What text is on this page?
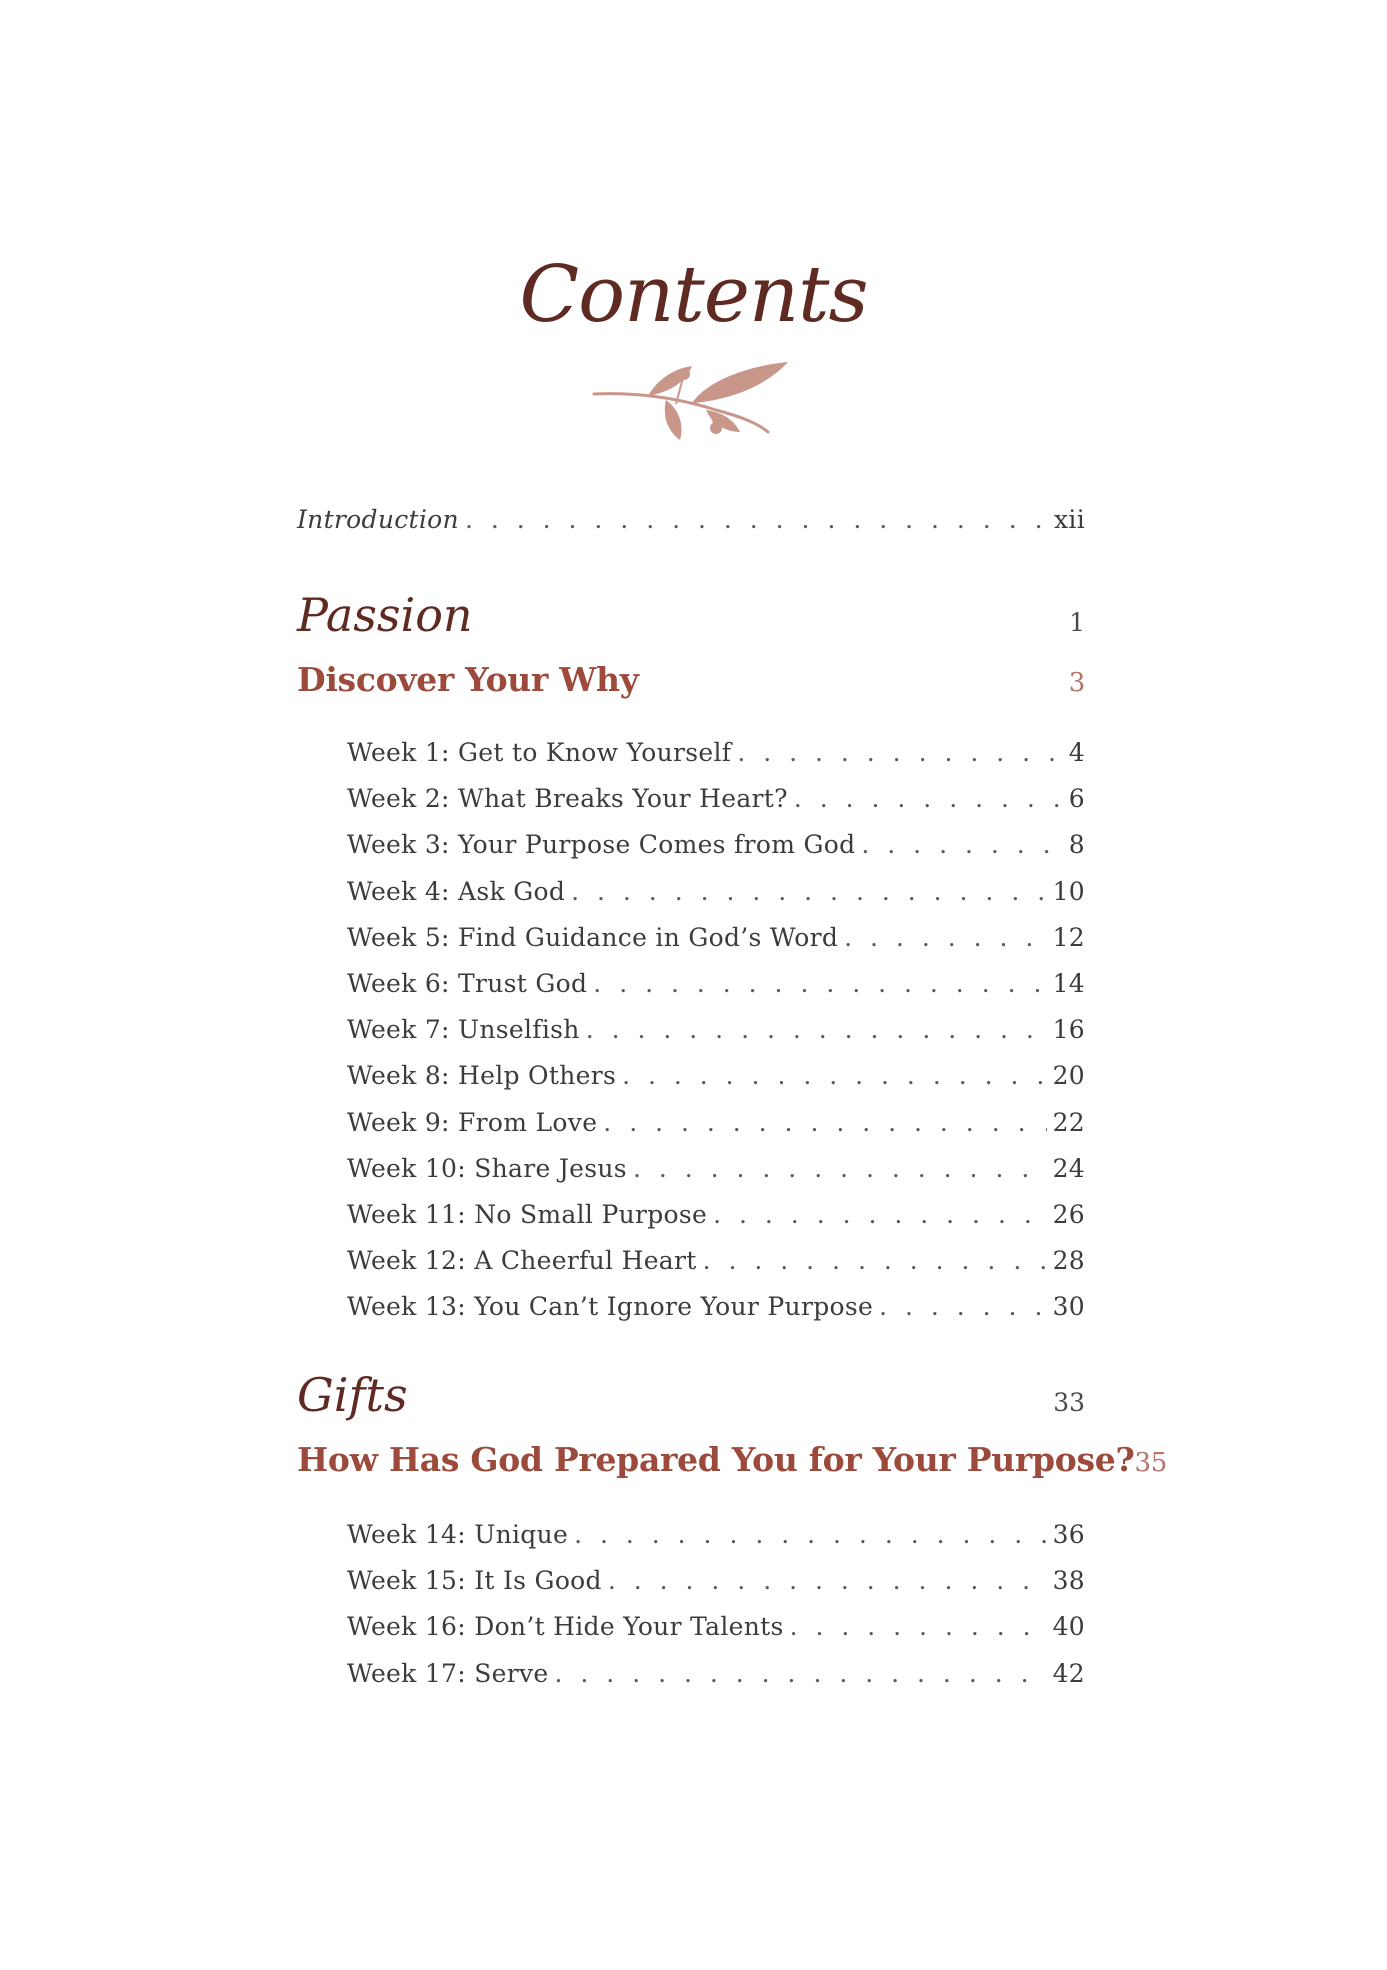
Contents
Introduction . . .	xii
Passion	1
Discover Your Why	3
Week 1: Get to Know Yourself . . .	4
Week 2: What Breaks Your Heart? . . .	6
Week 3: Your Purpose Comes from God . . .	8
Week 4: Ask God . . .	10
Week 5: Find Guidance in God’s Word . . .	12
Week 6: Trust God . . .	14
Week 7: Unselfish . . .	16
Week 8: Help Others . . .	20
Week 9: From Love . . .	22
Week 10: Share Jesus . . .	24
Week 11: No Small Purpose . . .	26
Week 12: A Cheerful Heart . . .	28
Week 13: You Can’t Ignore Your Purpose . . .	30
Gifts	33
How Has God Prepared You for Your Purpose? 35
Week 14: Unique . . .	36
Week 15: It Is Good . . .	38
Week 16: Don’t Hide Your Talents . . .	40
Week 17: Serve . . .	42
